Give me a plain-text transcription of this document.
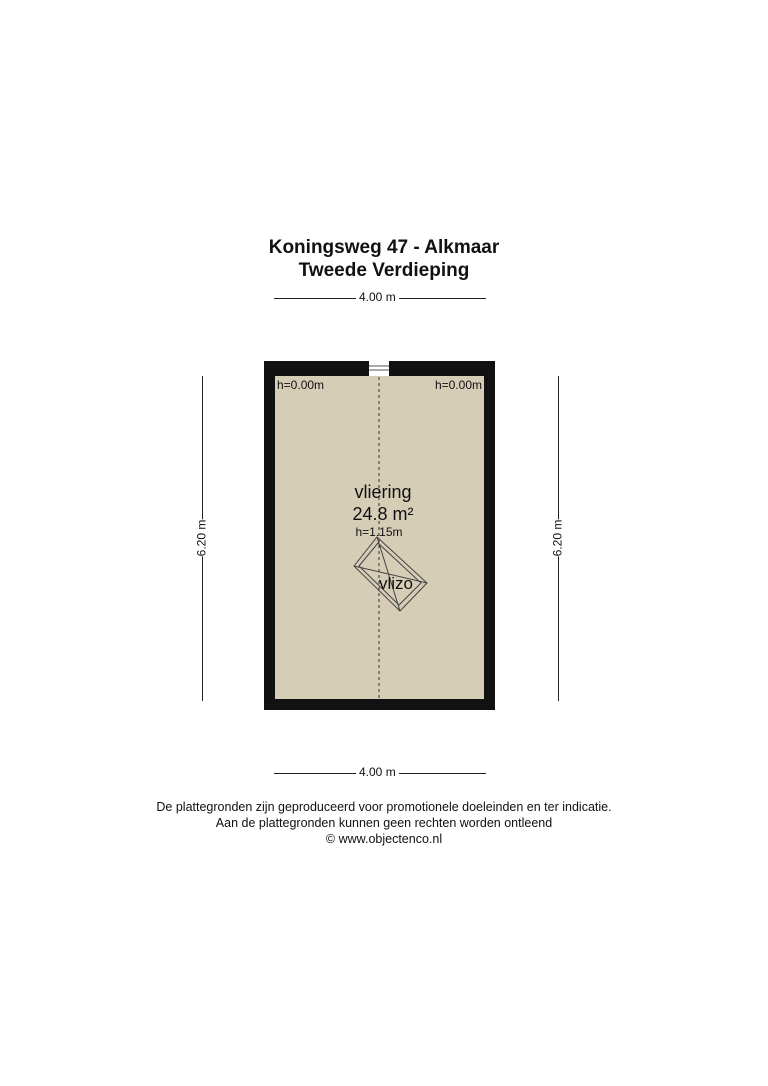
Koningsweg 47 - Alkmaar
Tweede Verdieping
4.00 m
4.00 m
6.20 m	6.20 m
h=0.00m	h=0.00m
vliering
24.8 m²
h=1.15m
vlizo
De plattegronden zijn geproduceerd voor promotionele doeleinden en ter indicatie.
Aan de plattegronden kunnen geen rechten worden ontleend
© www.objectenco.nl
